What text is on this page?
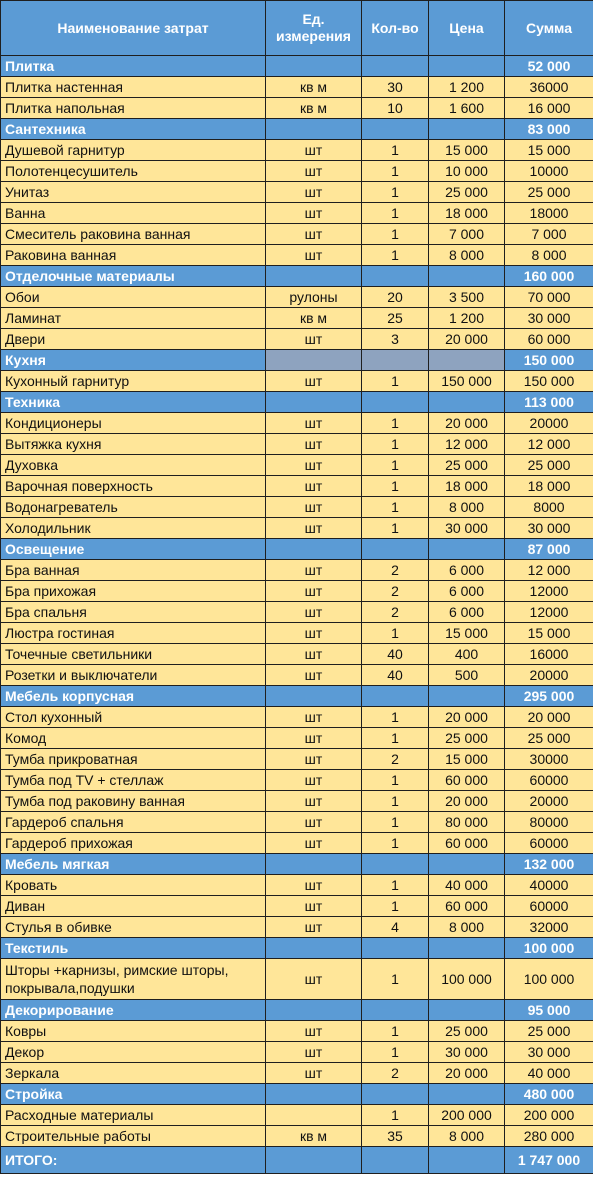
Наименование затрат	Ед. измерения	Кол-во	Цена	Сумма
Плитка				52 000
Плитка настенная	кв м	30	1 200	36000
Плитка напольная	кв м	10	1 600	16 000
Сантехника				83 000
Душевой гарнитур	шт	1	15 000	15 000
Полотенцесушитель	шт	1	10 000	10000
Унитаз	шт	1	25 000	25 000
Ванна	шт	1	18 000	18000
Смеситель раковина ванная	шт	1	7 000	7 000
Раковина ванная	шт	1	8 000	8 000
Отделочные материалы				160 000
Обои	рулоны	20	3 500	70 000
Ламинат	кв м	25	1 200	30 000
Двери	шт	3	20 000	60 000
Кухня				150 000
Кухонный гарнитур	шт	1	150 000	150 000
Техника				113 000
Кондиционеры	шт	1	20 000	20000
Вытяжка кухня	шт	1	12 000	12 000
Духовка	шт	1	25 000	25 000
Варочная поверхность	шт	1	18 000	18 000
Водонагреватель	шт	1	8 000	8000
Холодильник	шт	1	30 000	30 000
Освещение				87 000
Бра ванная	шт	2	6 000	12 000
Бра прихожая	шт	2	6 000	12000
Бра спальня	шт	2	6 000	12000
Люстра гостиная	шт	1	15 000	15 000
Точечные светильники	шт	40	400	16000
Розетки и выключатели	шт	40	500	20000
Мебель корпусная				295 000
Стол кухонный	шт	1	20 000	20 000
Комод	шт	1	25 000	25 000
Тумба прикроватная	шт	2	15 000	30000
Тумба под TV + стеллаж	шт	1	60 000	60000
Тумба под раковину ванная	шт	1	20 000	20000
Гардероб спальня	шт	1	80 000	80000
Гардероб прихожая	шт	1	60 000	60000
Мебель мягкая				132 000
Кровать	шт	1	40 000	40000
Диван	шт	1	60 000	60000
Стулья в обивке	шт	4	8 000	32000
Текстиль				100 000
Шторы +карнизы, римские шторы, покрывала,подушки	шт	1	100 000	100 000
Декорирование				95 000
Ковры	шт	1	25 000	25 000
Декор	шт	1	30 000	30 000
Зеркала	шт	2	20 000	40 000
Стройка				480 000
Расходные материалы		1	200 000	200 000
Строительные работы	кв м	35	8 000	280 000
ИТОГО:				1 747 000
